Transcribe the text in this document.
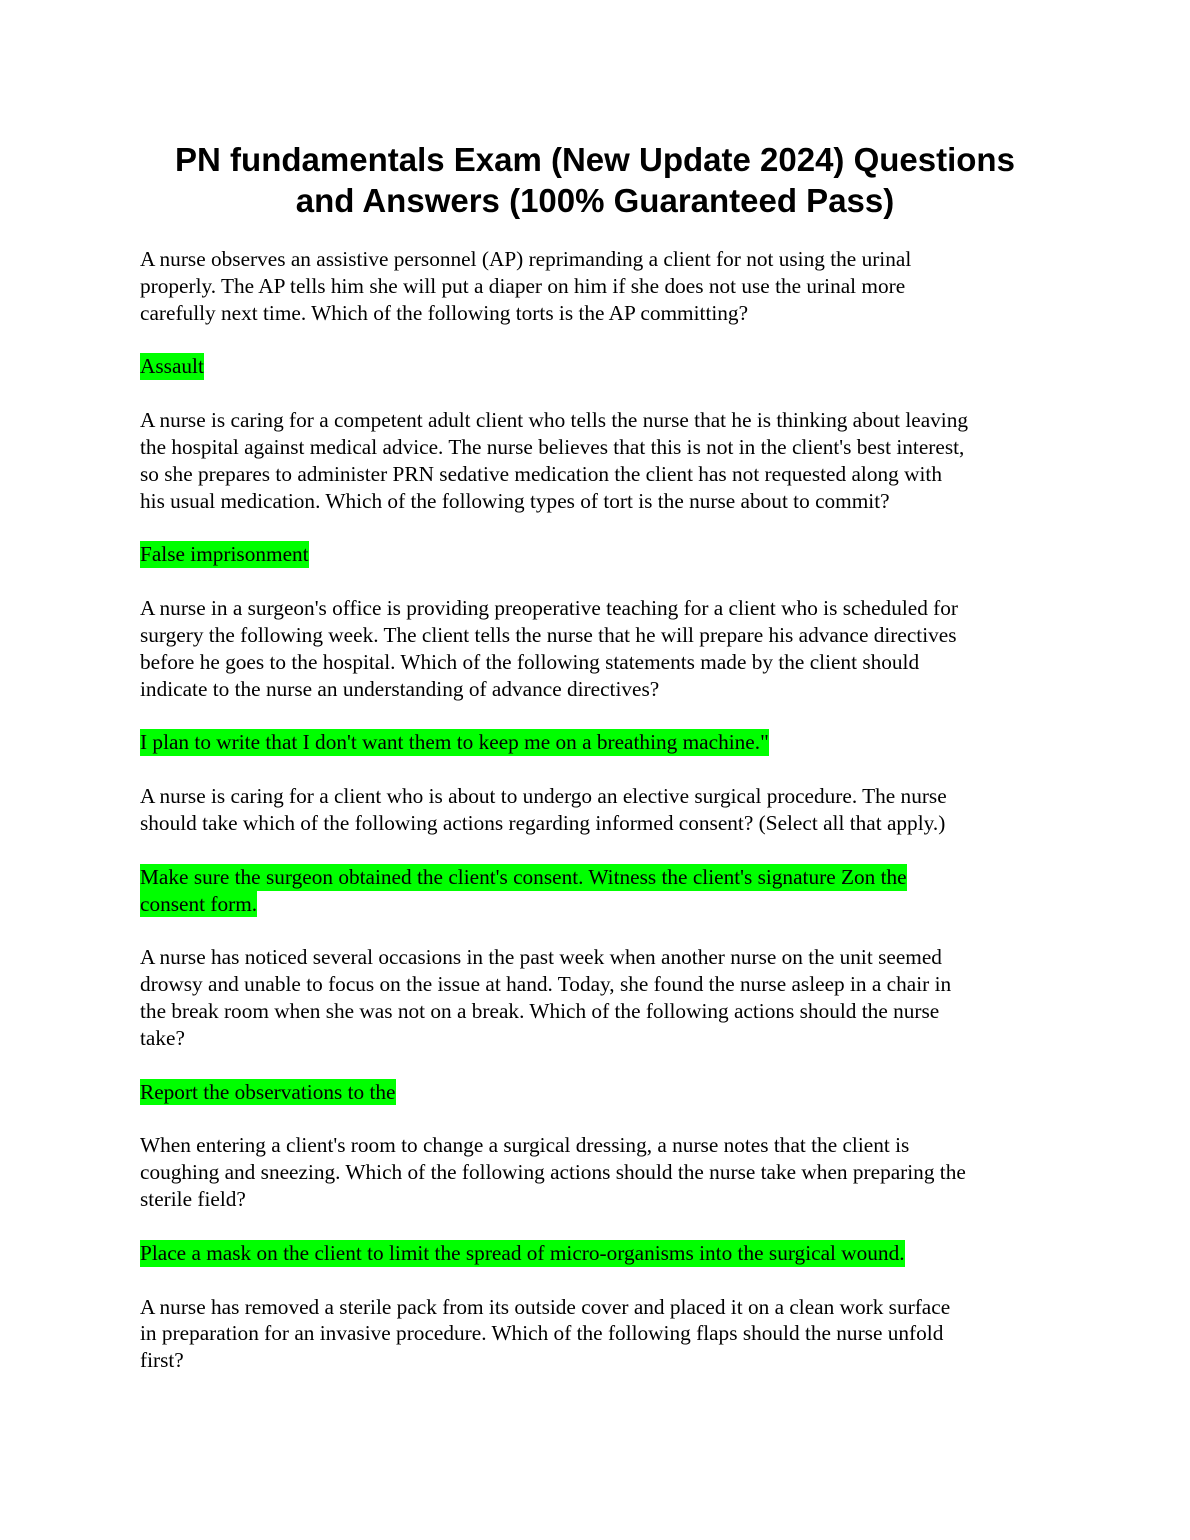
PN fundamentals Exam (New Update 2024) Questions
and Answers (100% Guaranteed Pass)
A nurse observes an assistive personnel (AP) reprimanding a client for not using the urinal
properly. The AP tells him she will put a diaper on him if she does not use the urinal more
carefully next time. Which of the following torts is the AP committing?
Assault
A nurse is caring for a competent adult client who tells the nurse that he is thinking about leaving
the hospital against medical advice. The nurse believes that this is not in the client's best interest,
so she prepares to administer PRN sedative medication the client has not requested along with
his usual medication. Which of the following types of tort is the nurse about to commit?
False imprisonment
A nurse in a surgeon's office is providing preoperative teaching for a client who is scheduled for
surgery the following week. The client tells the nurse that he will prepare his advance directives
before he goes to the hospital. Which of the following statements made by the client should
indicate to the nurse an understanding of advance directives?
I plan to write that I don't want them to keep me on a breathing machine."
A nurse is caring for a client who is about to undergo an elective surgical procedure. The nurse
should take which of the following actions regarding informed consent? (Select all that apply.)
Make sure the surgeon obtained the client's consent. Witness the client's signature Zon the
consent form.
A nurse has noticed several occasions in the past week when another nurse on the unit seemed
drowsy and unable to focus on the issue at hand. Today, she found the nurse asleep in a chair in
the break room when she was not on a break. Which of the following actions should the nurse
take?
Report the observations to the
When entering a client's room to change a surgical dressing, a nurse notes that the client is
coughing and sneezing. Which of the following actions should the nurse take when preparing the
sterile field?
Place a mask on the client to limit the spread of micro-organisms into the surgical wound.
A nurse has removed a sterile pack from its outside cover and placed it on a clean work surface
in preparation for an invasive procedure. Which of the following flaps should the nurse unfold
first?
